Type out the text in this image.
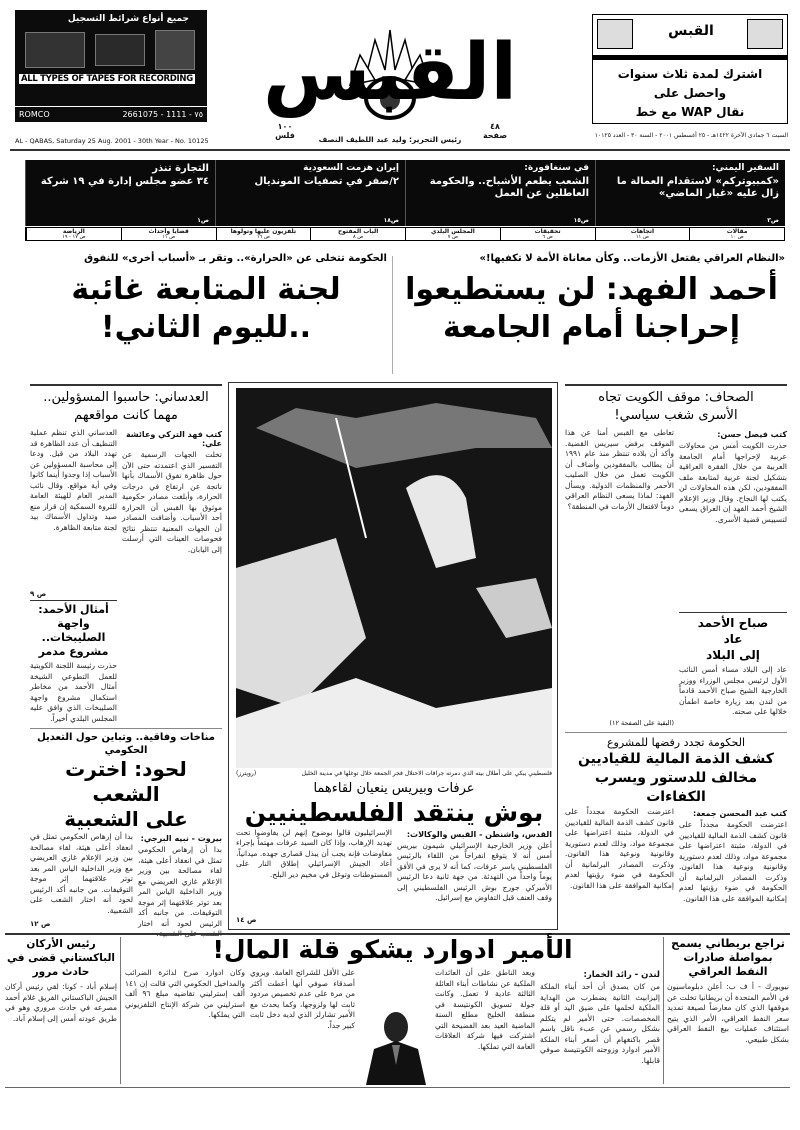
جميع أنواع شرائط التسجيل
ALL TYPES OF TAPES FOR RECORDING
ROMCO	2661075 - 1111 - ٧٥ القبس
١٠٠
فلس
٤٨
صفحة
رئيس التحرير: وليد عبد اللطيف النصف
AL - QABAS, Saturday 25 Aug. 2001 - 30th Year - No. 10125
السبت ٦ جمادى الآخرة ١٤٢٢هـ - ٢٥ أغسطس ٢٠٠١ - السنة ٣٠ - العدد ١٠١٢٥
القبس
اشترك لمدة ثلاث سنوات
واحصل على
نقال WAP مع خط
السفير اليمني:
«كمبيوتركم» لاستقدام العمالة ما زال عليه «غبار الماضي»
ص٣
في سنغافورة:
الشعب يطعم الأشباح.. والحكومة العاطلين عن العمل
ص١٥
إيران هزمت السعودية
٢/صفر في تصفيات المونديال
ص١٨
التجارة تنذر
٣٤ عضو مجلس إدارة في ١٩ شركة
ص١
مقالات
ص ١٠
اتجاهات
ص ١١
تحقيقات
ص ٦
المجلس البلدي
ص ٧
الباب المفتوح
ص ٨
تلفزيون عليها وتولوها
ص ١٦
قضايا وأحداث
ص ١١
الرياضة
ص ١٧ - ١٩
«النظام العراقي يفتعل الأزمات.. وكأن معاناة الأمة لا تكفيها!»
أحمد الفهد: لن يستطيعوا
إحراجنا أمام الجامعة
الحكومة تتخلى عن «الحرارة».. وتقر بـ «أسباب أخرى» للنفوق
لجنة المتابعة غائبة
..لليوم الثاني!
العدساني: حاسبوا المسؤولين..
مهما كانت مواقعهم
كتب فهد التركي وعائشة علي:
تخلت الجهات الرسمية عن التفسير الذي اعتمدته حتى الآن حول ظاهرة نفوق الأسماك بأنها ناتجة عن ارتفاع في درجات الحرارة، وأبلغت مصادر حكومية موثوق بها القبس أن الحرارة أحد الأسباب. وأضافت المصادر أن الجهات المعنية تنتظر نتائج فحوصات العينات التي أرسلت إلى اليابان.
العدساني الذي تنظم عملية التنظيف أن عدد الظاهرة قد تهدد البلاد من قبل. ودعا إلى محاسبة المسؤولين عن الأسباب إذا وجدوا أينما كانوا وفي أية مواقع. وقال نائب المدير العام للهيئة العامة للثروة السمكية إن قرار منع صيد وتداول الأسماك بيد لجنة متابعة الظاهرة.
ص ٩
أمثال الأحمد:
واجهة الصليبخات..
مشروع مدمر
حذرت رئيسة اللجنة الكويتية للعمل التطوعي الشيخة أمثال الأحمد من مخاطر استكمال مشروع واجهة الصليبخات الذي وافق عليه المجلس البلدي أخيراً.
مناخات وفاقية.. وتباين حول التعديل الحكومي
لحود: اخترت الشعب
على الشعبية
بيروت - نبيه البرجي:
بدا أن إرهاص الحكومي تمثل في انعقاد أعلى هيئة، لقاء مصالحة بين وزير الإعلام غازي العريضي مع وزير الداخلية الياس المر بعد توتر علاقتهما إثر موجة التوقيفات. من جانبه أكد الرئيس لحود أنه اختار
بدا أن إرهاص الحكومي تمثل في انعقاد أعلى هيئة، لقاء مصالحة بين وزير الإعلام غازي العريضي مع وزير الداخلية الياس المر بعد توتر علاقتهما إثر موجة التوقيفات. من جانبه أكد الرئيس لحود أنه اختار الشعب على الشعبية.
ص ١٢
فلسطيني يبكي على أطلال بيته الذي دمرته جرافات الاحتلال فجر الجمعة خلال توغلها في مدينة الخليل
(رويترز)
عرفات وبيريس ينعيان لقاءهما
بوش ينتقد الفلسطينيين
القدس، واشنطن - القبس والوكالات:
أعلن وزير الخارجية الإسرائيلي شيمون بيريس أمس أنه لا يتوقع انفراجاً من اللقاء بالرئيس الفلسطيني ياسر عرفات، كما أنه لا يرى في الأفق يوماً واحداً من التهدئة. من جهة ثانية دعا الرئيس الأميركي جورج بوش الرئيس الفلسطيني إلى وقف العنف قبل التفاوض مع إسرائيل.
الإسرائيليون قالوا بوضوح إنهم لن يفاوضوا تحت تهديد الإرهاب، وإذا كان السيد عرفات مهتماً بإجراء مفاوضات فإنه يجب أن يبذل قصارى جهده. ميدانياً، أعاد الجيش الإسرائيلي إطلاق النار على المستوطنات وتوغل في مخيم دير البلح.
ص ١٤
الصحاف: موقف الكويت تجاه
الأسرى شغب سياسي!
كتب فيصل حسن:
حذرت الكويت أمس من محاولات عربية لإحراجها أمام الجامعة العربية من خلال الفقرة العراقية بتشكيل لجنة عربية لمتابعة ملف المفقودين، لكن هذه المحاولات لن يكتب لها النجاح. وقال وزير الإعلام الشيخ أحمد الفهد إن العراق يسعى لتسييس قضية الأسرى.
صباح الأحمد
عاد
إلى البلاد
عاد إلى البلاد مساء أمس النائب الأول لرئيس مجلس الوزراء ووزير الخارجية الشيخ صباح الأحمد قادماً من لندن بعد زيارة خاصة اطمأن خلالها على صحته.
تعاطى مع القبس أمنا عن هذا الموقف برفض سيريس القضية. وأكد أن بلاده تنتظر منذ عام ١٩٩١ أن يطالب بالمفقودين وأضاف أن الكويت تعمل من خلال الصليب الأحمر والمنظمات الدولية. ويسأل الفهد: لماذا يسعى النظام العراقي دوماً لافتعال الأزمات في المنطقة؟
(البقية على الصفحة ١٢)
الحكومة تجدد رفضها للمشروع
كشف الذمة المالية للقياديين
مخالف للدستور ويسرب الكفاءات
كتب عبد المحسن جمعة:
اعترضت الحكومة مجدداً على قانون كشف الذمة المالية للقياديين في الدولة، مثبتة اعتراضها على مجموعة مواد، وذلك لعدم دستورية وقانونية ونوعية هذا القانون. وذكرت المصادر البرلمانية أن الحكومة في ضوء رؤيتها لعدم إمكانية الموافقة على هذا القانون.
اعترضت الحكومة مجدداً على قانون كشف الذمة المالية للقياديين في الدولة، مثبتة اعتراضها على مجموعة مواد، وذلك لعدم دستورية وقانونية ونوعية هذا القانون. وذكرت المصادر البرلمانية أن الحكومة في ضوء رؤيتها لعدم إمكانية الموافقة على هذا القانون.
رئيس الأركان الباكستاني قضى في حادث مرور
إسلام أباد - كونا: لقي رئيس أركان الجيش الباكستاني الفريق غلام أحمد مصرعه في حادث مروري وهو في طريق عودته أمس إلى إسلام آباد.
الأمير ادوارد يشكو قلة المال!
لندن - رائد الخمار:
من كان يصدق أن أحد أبناء الملكة إليزابيث الثانية يضطرب من الهداية الملكية لحلمها على ضيق اليد أو قلة المخصصات. حتى الأمير لم يتكلم بشكل رسمي عن عبء ناقل باسم قصر باكنغهام أن أصغر أبناء الملكة الأمير ادوارد وزوجته الكونتيسة صوفي قابلها.
ويعد الناطق على أن العائدات الملكية عن نشاطات أبناء العائلة الثالثة عادية لا تعمل. وكانت جولة تسويق الكونتيسة في منطقة الخليج مطلع السنة الماضية العيد بعد الفضيحة التي اشتركت فيها شركة العلاقات العامة التي تملكها.
على الأقل للشرائح العامة. ويروي أصدقاء صوفي أنها أعطت أكثر من مرة على عدم تخصيص مردود ثابت لها ولزوجها، وكما يحدث مع الأمير تشارلز الذي لديه دخل ثابت كبير جداً.
وكان ادوارد صرح لدائرة الضرائب والمداخيل الحكومي التي قالت إن ١٤١ ألف إسترليني تقاضيه مبلغ ٩٦ ألف استرليني من شركة الإنتاج التلفزيوني التي يملكها.
تراجع بريطاني يسمح بمواصلة صادرات النفط العراقي
نيويورك - أ ف ب: أعلن دبلوماسيون في الأمم المتحدة أن بريطانيا تخلت عن موقفها الذي كان معارضاً لصيغة تمديد سعر النفط العراقي، الأمر الذي يتيح استئناف عمليات بيع النفط العراقي بشكل طبيعي.
